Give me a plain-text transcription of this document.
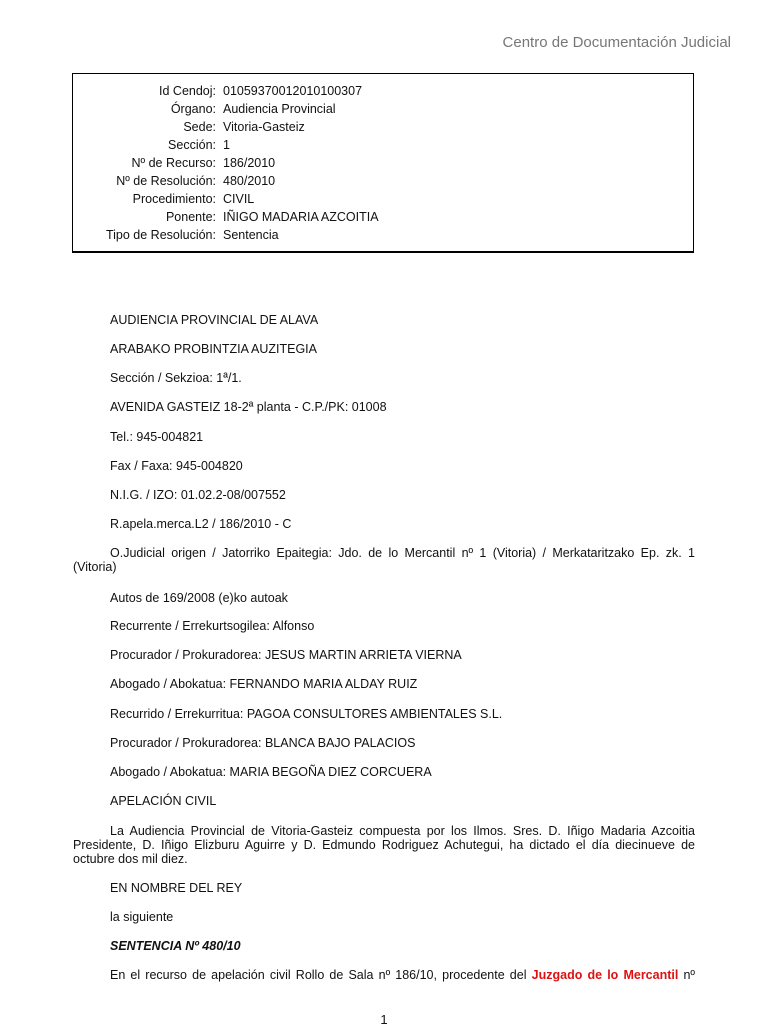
Centro de Documentación Judicial
Id Cendoj: 01059370012010100307
Órgano: Audiencia Provincial
Sede: Vitoria-Gasteiz
Sección: 1
Nº de Recurso: 186/2010
Nº de Resolución: 480/2010
Procedimiento: CIVIL
Ponente: IÑIGO MADARIA AZCOITIA
Tipo de Resolución: Sentencia
AUDIENCIA PROVINCIAL DE ALAVA
ARABAKO PROBINTZIA AUZITEGIA
Sección / Sekzioa: 1ª/1.
AVENIDA GASTEIZ 18-2ª planta - C.P./PK: 01008
Tel.: 945-004821
Fax / Faxa: 945-004820
N.I.G. / IZO: 01.02.2-08/007552
R.apela.merca.L2 / 186/2010 - C
O.Judicial origen / Jatorriko Epaitegia: Jdo. de lo Mercantil nº 1 (Vitoria) / Merkataritzako Ep. zk. 1
(Vitoria)
Autos de 169/2008 (e)ko autoak
Recurrente / Errekurtsogilea: Alfonso
Procurador / Prokuradorea: JESUS MARTIN ARRIETA VIERNA
Abogado / Abokatua: FERNANDO MARIA ALDAY RUIZ
Recurrido / Errekurritua: PAGOA CONSULTORES AMBIENTALES S.L.
Procurador / Prokuradorea: BLANCA BAJO PALACIOS
Abogado / Abokatua: MARIA BEGOÑA DIEZ CORCUERA
APELACIÓN CIVIL
La Audiencia Provincial de Vitoria-Gasteiz compuesta por los Ilmos. Sres. D. Iñigo Madaria Azcoitia
Presidente, D. Iñigo Elizburu Aguirre y D. Edmundo Rodriguez Achutegui, ha dictado el día diecinueve de
octubre dos mil diez.
EN NOMBRE DEL REY
la siguiente
SENTENCIA Nº 480/10
En el recurso de apelación civil Rollo de Sala nº 186/10, procedente del Juzgado de lo Mercantil nº
1
